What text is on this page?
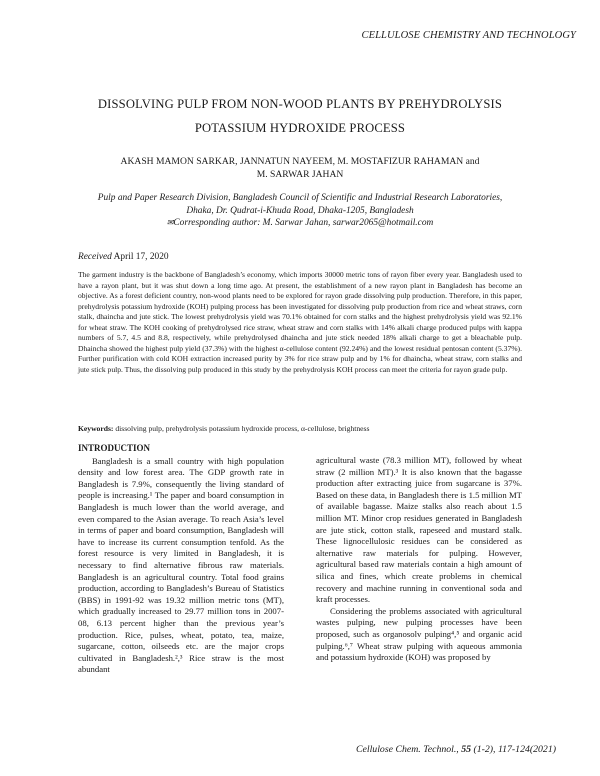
CELLULOSE CHEMISTRY AND TECHNOLOGY
DISSOLVING PULP FROM NON-WOOD PLANTS BY PREHYDROLYSIS
POTASSIUM HYDROXIDE PROCESS
AKASH MAMON SARKAR, JANNATUN NAYEEM, M. MOSTAFIZUR RAHAMAN and
M. SARWAR JAHAN
Pulp and Paper Research Division, Bangladesh Council of Scientific and Industrial Research Laboratories,
Dhaka, Dr. Qudrat-i-Khuda Road, Dhaka-1205, Bangladesh
✉Corresponding author: M. Sarwar Jahan, sarwar2065@hotmail.com
Received April 17, 2020
The garment industry is the backbone of Bangladesh’s economy, which imports 30000 metric tons of rayon fiber every year. Bangladesh used to have a rayon plant, but it was shut down a long time ago. At present, the establishment of a new rayon plant in Bangladesh has become an objective. As a forest deficient country, non-wood plants need to be explored for rayon grade dissolving pulp production. Therefore, in this paper, prehydrolysis potassium hydroxide (KOH) pulping process has been investigated for dissolving pulp production from rice and wheat straws, corn stalk, dhaincha and jute stick. The lowest prehydrolysis yield was 70.1% obtained for corn stalks and the highest prehydrolysis yield was 92.1% for wheat straw. The KOH cooking of prehydrolysed rice straw, wheat straw and corn stalks with 14% alkali charge produced pulps with kappa numbers of 5.7, 4.5 and 8.8, respectively, while prehydrolysed dhaincha and jute stick needed 18% alkali charge to get a bleachable pulp. Dhaincha showed the highest pulp yield (37.3%) with the highest α-cellulose content (92.24%) and the lowest residual pentosan content (5.37%). Further purification with cold KOH extraction increased purity by 3% for rice straw pulp and by 1% for dhaincha, wheat straw, corn stalks and jute stick pulp. Thus, the dissolving pulp produced in this study by the prehydrolysis KOH process can meet the criteria for rayon grade pulp.
Keywords: dissolving pulp, prehydrolysis potassium hydroxide process, α-cellulose, brightness
INTRODUCTION

Bangladesh is a small country with high population density and low forest area. The GDP growth rate in Bangladesh is 7.9%, consequently the living standard of people is increasing.¹ The paper and board consumption in Bangladesh is much lower than the world average, and even compared to the Asian average. To reach Asia’s level in terms of paper and board consumption, Bangladesh will have to increase its current consumption tenfold. As the forest resource is very limited in Bangladesh, it is necessary to find alternative fibrous raw materials. Bangladesh is an agricultural country. Total food grains production, according to Bangladesh’s Bureau of Statistics (BBS) in 1991-92 was 19.32 million metric tons (MT), which gradually increased to 29.77 million tons in 2007-08, 6.13 percent higher than the previous year’s production. Rice, pulses, wheat, potato, tea, maize, sugarcane, cotton, oilseeds etc. are the major crops cultivated in Bangladesh.²,³ Rice straw is the most abundant

agricultural waste (78.3 million MT), followed by wheat straw (2 million MT).³ It is also known that the bagasse production after extracting juice from sugarcane is 37%. Based on these data, in Bangladesh there is 1.5 million MT of available bagasse. Maize stalks also reach about 1.5 million MT. Minor crop residues generated in Bangladesh are jute stick, cotton stalk, rapeseed and mustard stalk. These lignocellulosic residues can be considered as alternative raw materials for pulping. However, agricultural based raw materials contain a high amount of silica and fines, which create problems in chemical recovery and machine running in conventional soda and kraft processes.

Considering the problems associated with agricultural wastes pulping, new pulping processes have been proposed, such as organosolv pulping⁴,⁵ and organic acid pulping.⁶,⁷ Wheat straw pulping with aqueous ammonia and potassium hydroxide (KOH) was proposed by

Cellulose Chem. Technol., 55 (1-2), 117-124(2021)
